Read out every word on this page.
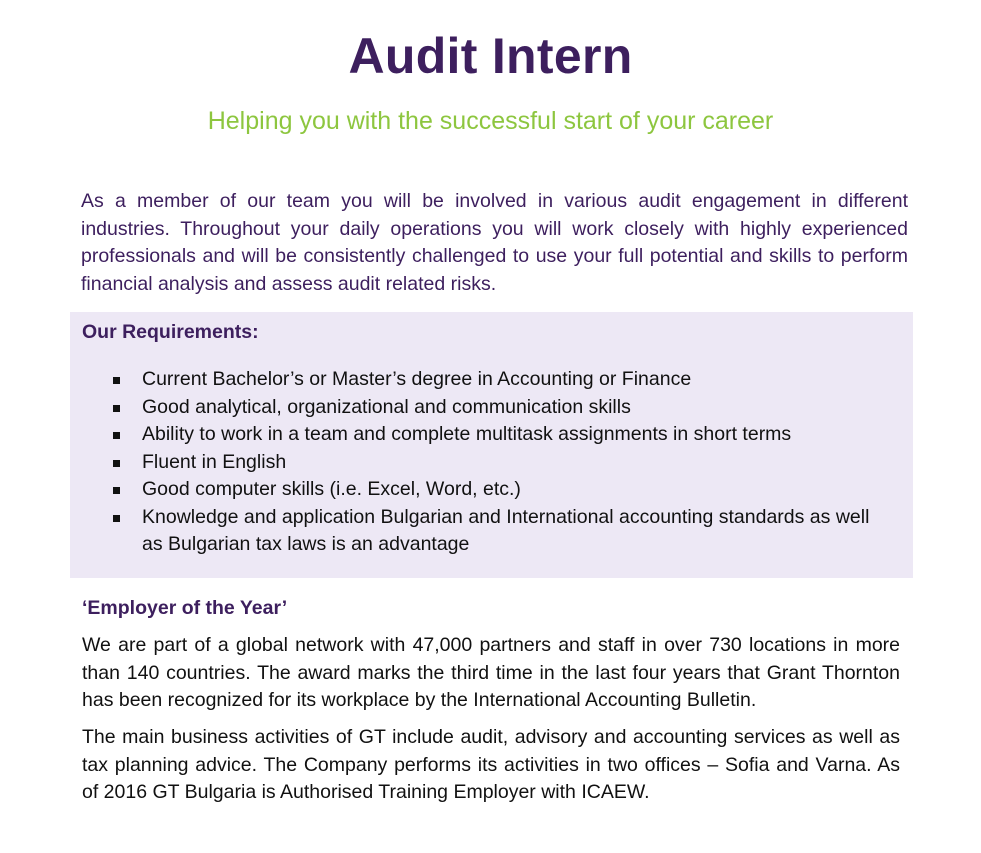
Audit Intern
Helping you with the successful start of your career

As a member of our team you will be involved in various audit engagement in different industries. Throughout your daily operations you will work closely with highly experienced professionals and will be consistently challenged to use your full potential and skills to perform financial analysis and assess audit related risks.

Our Requirements:
Current Bachelor’s or Master’s degree in Accounting or Finance
Good analytical, organizational and communication skills
Ability to work in a team and complete multitask assignments in short terms
Fluent in English
Good computer skills (i.e. Excel, Word, etc.)
Knowledge and application Bulgarian and International accounting standards as well as Bulgarian tax laws is an advantage
‘Employer of the Year’

We are part of a global network with 47,000 partners and staff in over 730 locations in more than 140 countries. The award marks the third time in the last four years that Grant Thornton has been recognized for its workplace by the International Accounting Bulletin.

The main business activities of GT include audit, advisory and accounting services as well as tax planning advice. The Company performs its activities in two offices – Sofia and Varna. As of 2016 GT Bulgaria is Authorised Training Employer with ICAEW.
